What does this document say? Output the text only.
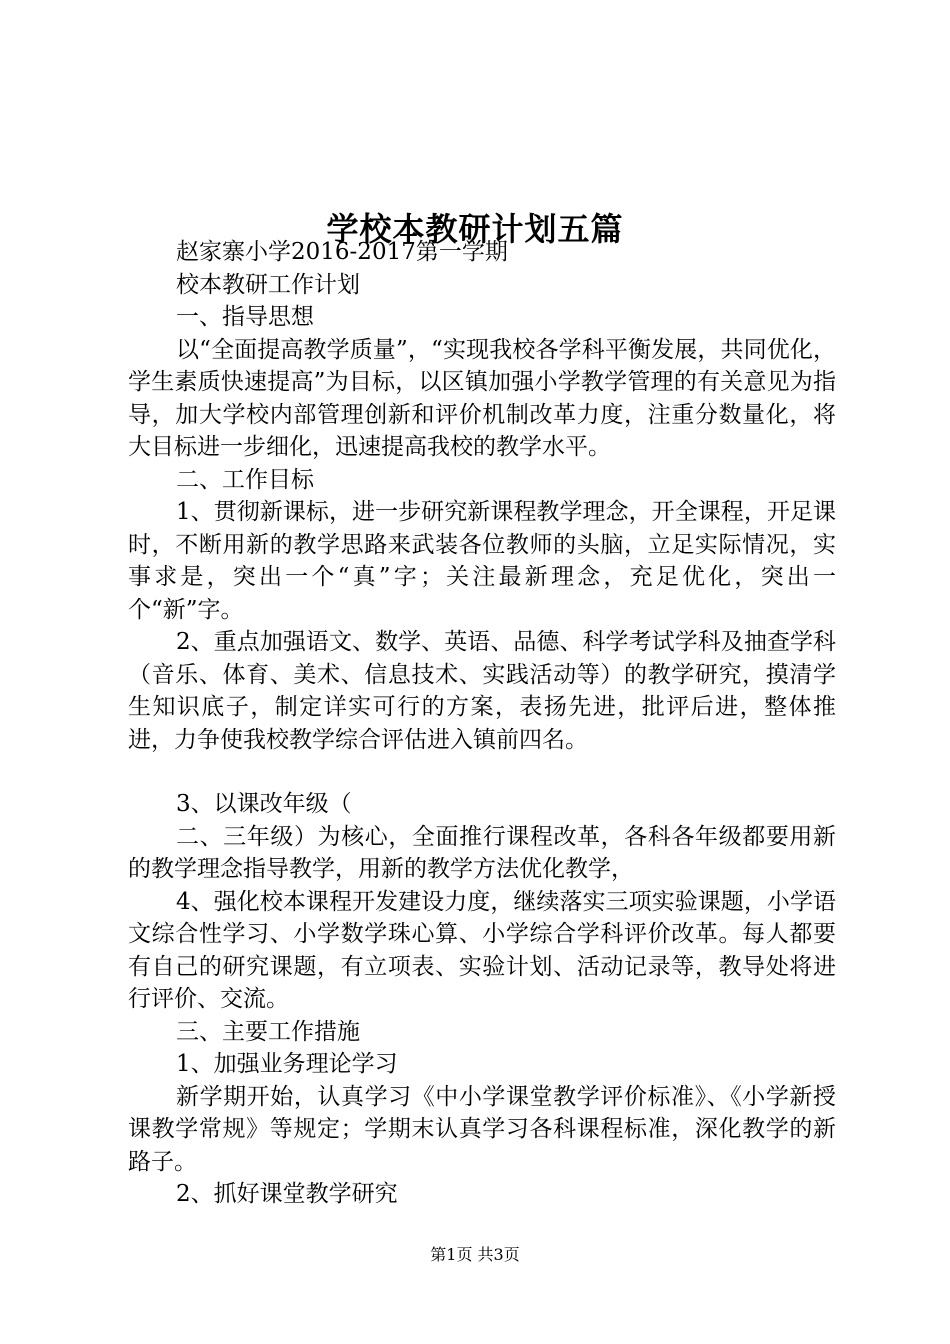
学校本教研计划五篇

赵家寨小学2016-2017第一学期

校本教研工作计划

一、指导思想

以“全面提高教学质量”，“实现我校各学科平衡发展，共同优化，学生素质快速提高”为目标，以区镇加强小学教学管理的有关意见为指导，加大学校内部管理创新和评价机制改革力度，注重分数量化，将大目标进一步细化，迅速提高我校的教学水平。

二、工作目标

1、贯彻新课标，进一步研究新课程教学理念，开全课程，开足课时，不断用新的教学思路来武装各位教师的头脑，立足实际情况，实事求是，突出一个“真”字；关注最新理念，充足优化，突出一个“新”字。

2、重点加强语文、数学、英语、品德、科学考试学科及抽查学科（音乐、体育、美术、信息技术、实践活动等）的教学研究，摸清学生知识底子，制定详实可行的方案，表扬先进，批评后进，整体推进，力争使我校教学综合评估进入镇前四名。

3、以课改年级（

二、三年级）为核心，全面推行课程改革，各科各年级都要用新的教学理念指导教学，用新的教学方法优化教学，

4、强化校本课程开发建设力度，继续落实三项实验课题，小学语文综合性学习、小学数学珠心算、小学综合学科评价改革。每人都要有自己的研究课题，有立项表、实验计划、活动记录等，教导处将进行评价、交流。

三、主要工作措施

1、加强业务理论学习

新学期开始，认真学习《中小学课堂教学评价标准》、《小学新授课教学常规》等规定；学期末认真学习各科课程标准，深化教学的新路子。

2、抓好课堂教学研究

第1页 共3页
